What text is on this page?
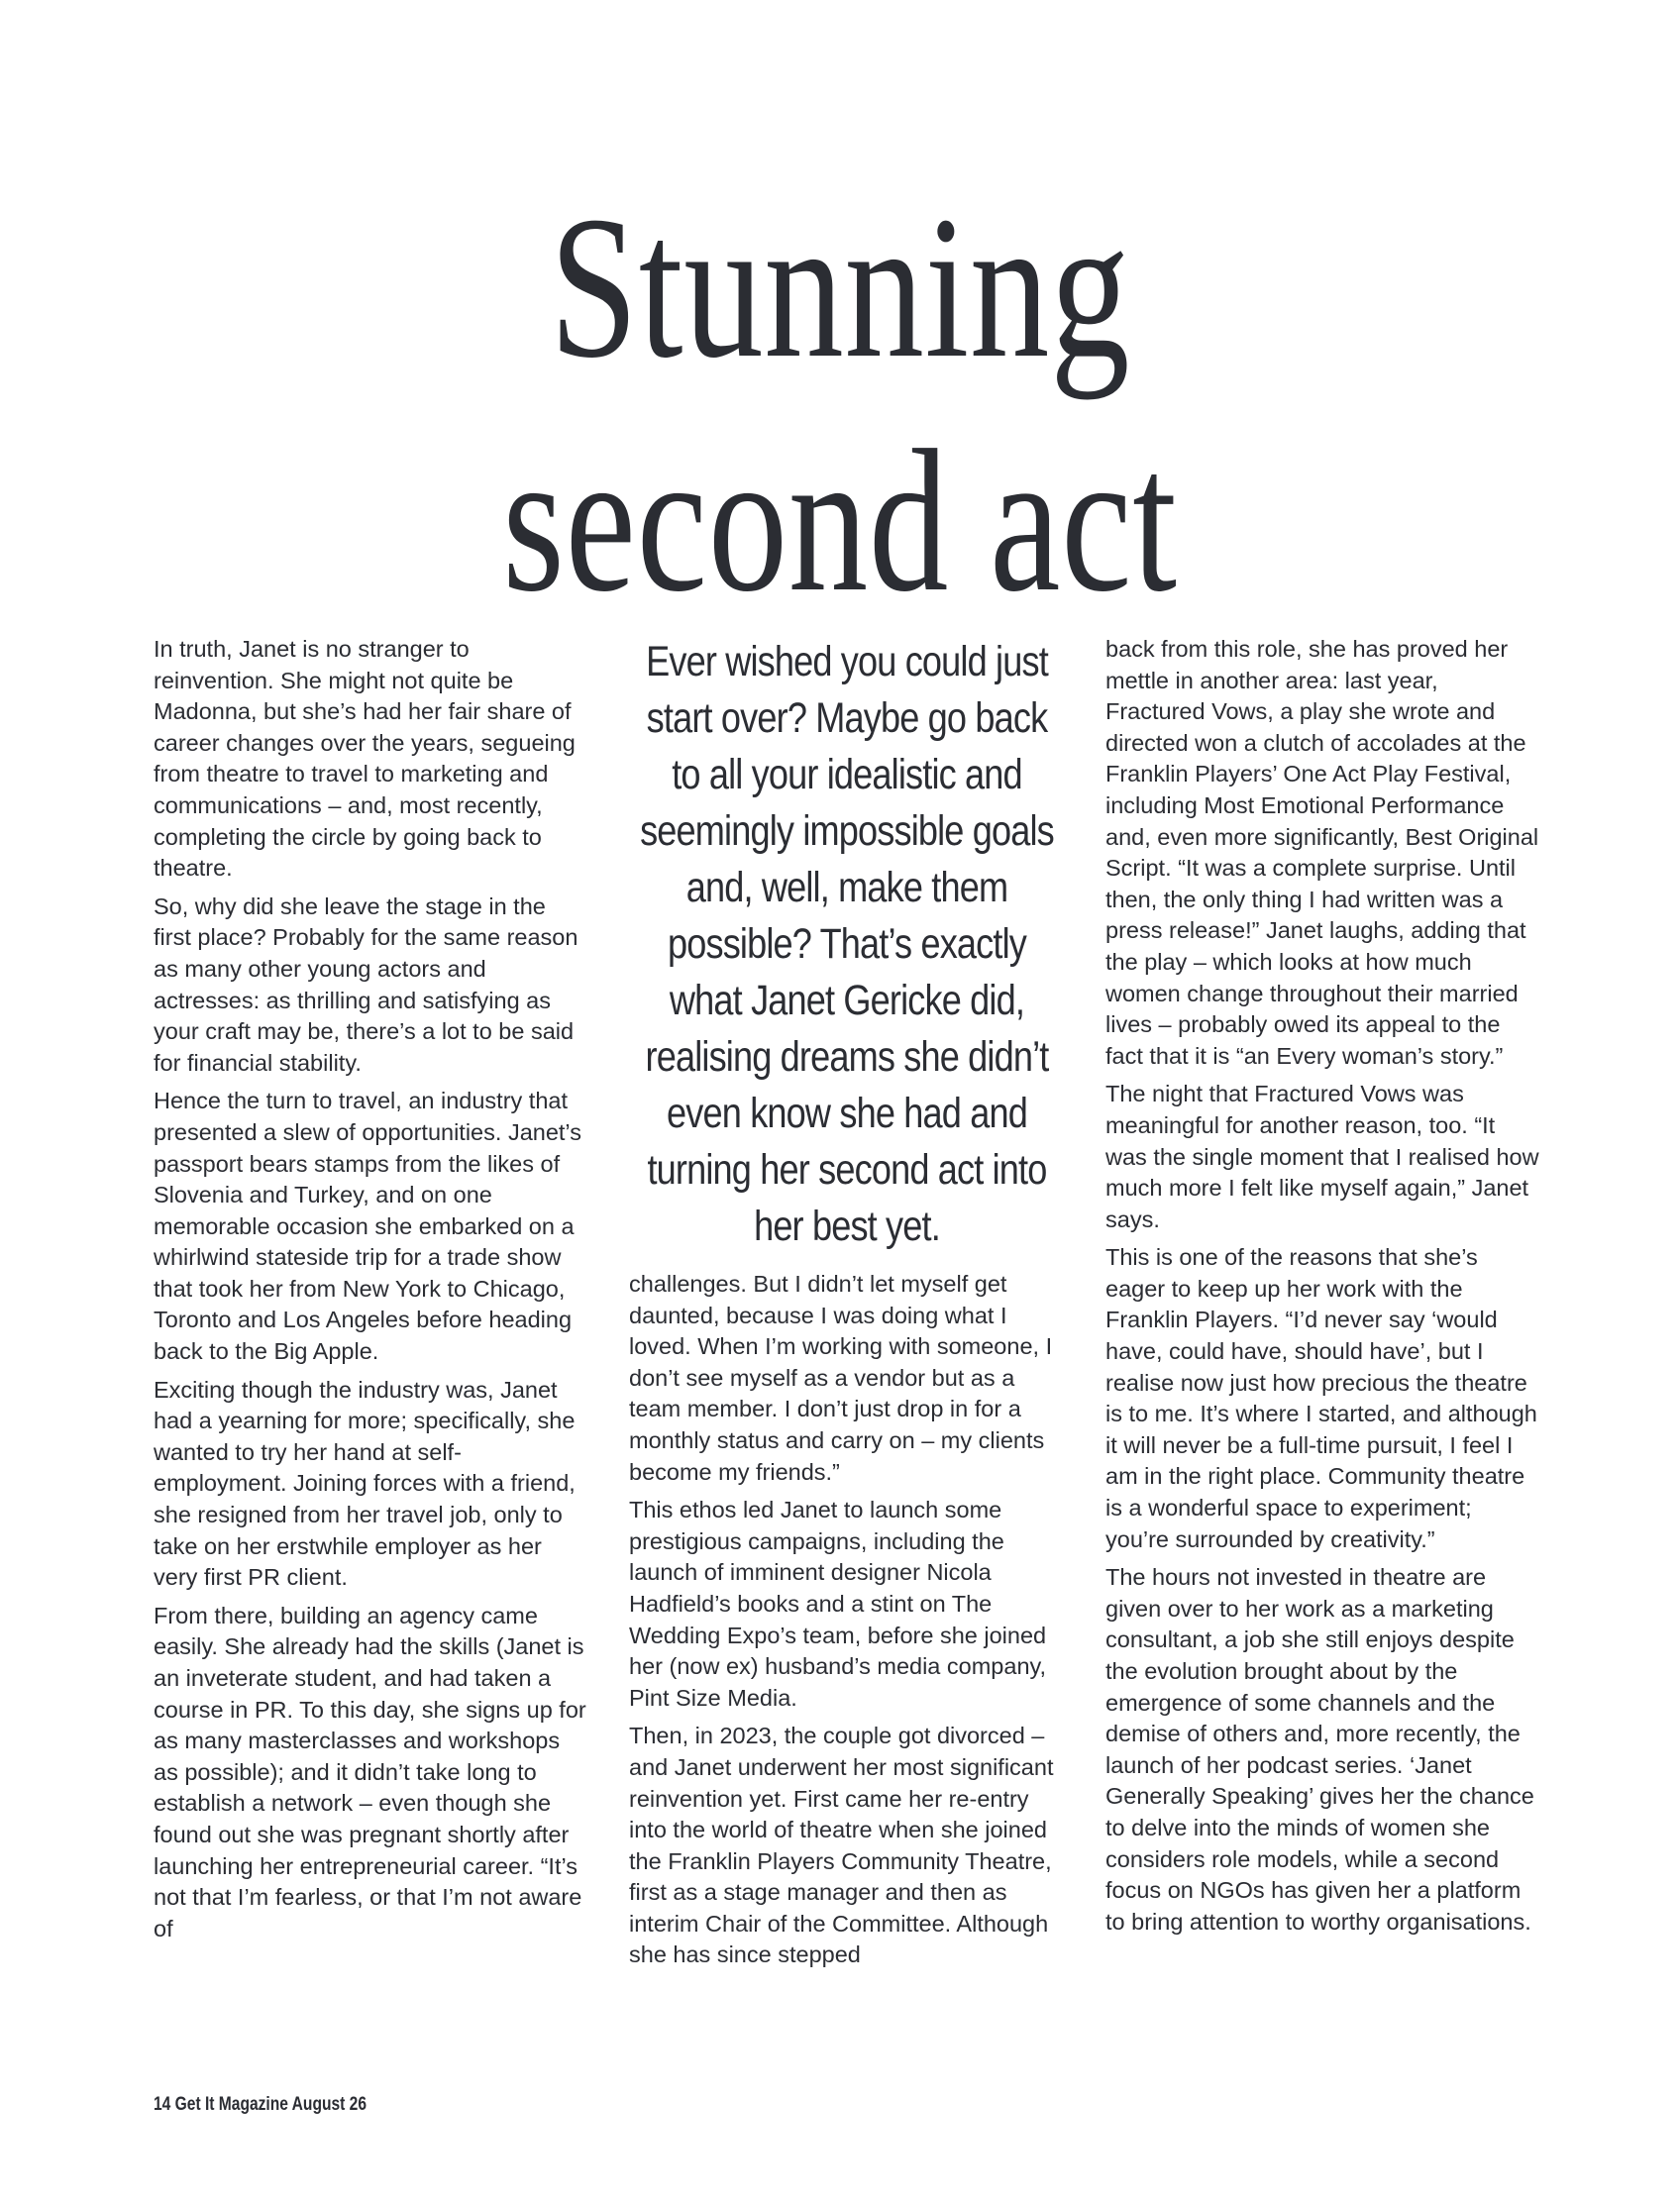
Stunning
second act

In truth, Janet is no stranger to reinvention. She might not quite be Madonna, but she’s had her fair share of career changes over the years, segueing from theatre to travel to marketing and communications – and, most recently, completing the circle by going back to theatre.

So, why did she leave the stage in the first place? Probably for the same reason as many other young actors and actresses: as thrilling and satisfying as your craft may be, there’s a lot to be said for financial stability.

Hence the turn to travel, an industry that presented a slew of opportunities. Janet’s passport bears stamps from the likes of Slovenia and Turkey, and on one memorable occasion she embarked on a whirlwind stateside trip for a trade show that took her from New York to Chicago, Toronto and Los Angeles before heading back to the Big Apple.

Exciting though the industry was, Janet had a yearning for more; specifically, she wanted to try her hand at self-employment. Joining forces with a friend, she resigned from her travel job, only to take on her erstwhile employer as her very first PR client.

From there, building an agency came easily. She already had the skills (Janet is an inveterate student, and had taken a course in PR. To this day, she signs up for as many masterclasses and workshops as possible); and it didn’t take long to establish a network – even though she found out she was pregnant shortly after launching her entrepreneurial career. “It’s not that I’m fearless, or that I’m not aware of

Ever wished you could just start over? Maybe go back to all your idealistic and seemingly impossible goals and, well, make them possible? That’s exactly what Janet Gericke did, realising dreams she didn’t even know she had and turning her second act into her best yet.

challenges. But I didn’t let myself get daunted, because I was doing what I loved. When I’m working with someone, I don’t see myself as a vendor but as a team member. I don’t just drop in for a monthly status and carry on – my clients become my friends.”

This ethos led Janet to launch some prestigious campaigns, including the launch of imminent designer Nicola Hadfield’s books and a stint on The Wedding Expo’s team, before she joined her (now ex) husband’s media company, Pint Size Media.

Then, in 2023, the couple got divorced – and Janet underwent her most significant reinvention yet. First came her re-entry into the world of theatre when she joined the Franklin Players Community Theatre, first as a stage manager and then as interim Chair of the Committee. Although she has since stepped

back from this role, she has proved her mettle in another area: last year, Fractured Vows, a play she wrote and directed won a clutch of accolades at the Franklin Players’ One Act Play Festival, including Most Emotional Performance and, even more significantly, Best Original Script. “It was a complete surprise. Until then, the only thing I had written was a press release!” Janet laughs, adding that the play – which looks at how much women change throughout their married lives – probably owed its appeal to the fact that it is “an Every woman’s story.”

The night that Fractured Vows was meaningful for another reason, too. “It was the single moment that I realised how much more I felt like myself again,” Janet says.

This is one of the reasons that she’s eager to keep up her work with the Franklin Players. “I’d never say ‘would have, could have, should have’, but I realise now just how precious the theatre is to me. It’s where I started, and although it will never be a full-time pursuit, I feel I am in the right place. Community theatre is a wonderful space to experiment; you’re surrounded by creativity.”

The hours not invested in theatre are given over to her work as a marketing consultant, a job she still enjoys despite the evolution brought about by the emergence of some channels and the demise of others and, more recently, the launch of her podcast series. ‘Janet Generally Speaking’ gives her the chance to delve into the minds of women she considers role models, while a second focus on NGOs has given her a platform to bring attention to worthy organisations.

14 Get It Magazine August 26
